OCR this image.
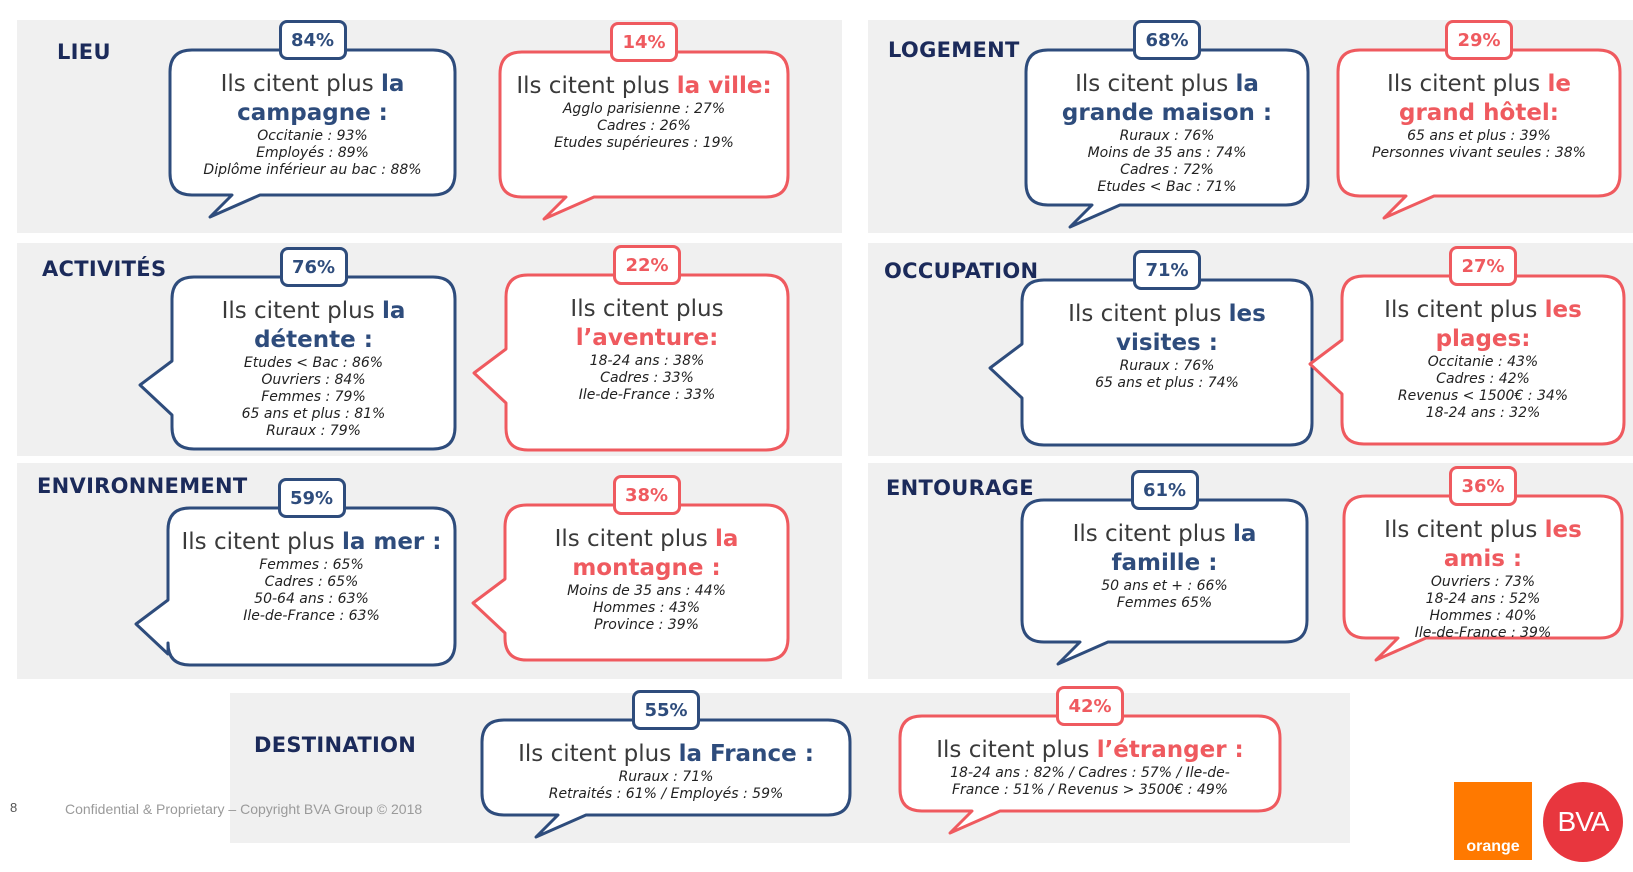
LIEU	LOGEMENT
ACTIVITÉS	OCCUPATION
ENVIRONNEMENT	ENTOURAGE
DESTINATION
84%
Ils citent plus la campagne :
Occitanie : 93%
Employés : 89%
Diplôme inférieur au bac : 88%
14%
Ils citent plus la ville:
Agglo parisienne : 27%
Cadres : 26%
Etudes supérieures : 19%
68%
Ils citent plus la grande maison :
Ruraux : 76%
Moins de 35 ans : 74%
Cadres : 72%
Etudes < Bac : 71%
29%
Ils citent plus le grand hôtel:
65 ans et plus : 39%
Personnes vivant seules : 38%
76%
Ils citent plus la détente :
Etudes < Bac : 86%
Ouvriers : 84%
Femmes : 79%
65 ans et plus : 81%
Ruraux : 79%
22%
Ils citent plus l’aventure:
18-24 ans : 38%
Cadres : 33%
Ile-de-France : 33%
71%
Ils citent plus les visites :
Ruraux : 76%
65 ans et plus : 74%
27%
Ils citent plus les plages:
Occitanie : 43%
Cadres : 42%
Revenus < 1500€ : 34%
18-24 ans : 32%
59%
Ils citent plus la mer :
Femmes : 65%
Cadres : 65%
50-64 ans : 63%
Ile-de-France : 63%
38%
Ils citent plus la montagne :
Moins de 35 ans : 44%
Hommes : 43%
Province : 39%
61%
Ils citent plus la famille :
50 ans et + : 66%
Femmes 65%
36%
Ils citent plus les amis :
Ouvriers : 73%
18-24 ans : 52%
Hommes : 40%
Ile-de-France : 39%
55%
Ils citent plus la France :
Ruraux : 71%
Retraités : 61% / Employés : 59%
42%
Ils citent plus l’étranger :
18-24 ans : 82% / Cadres : 57% / Ile-de-
France : 51% / Revenus > 3500€ : 49%
8	Confidential & Proprietary – Copyright BVA Group © 2018
orange
BVA
